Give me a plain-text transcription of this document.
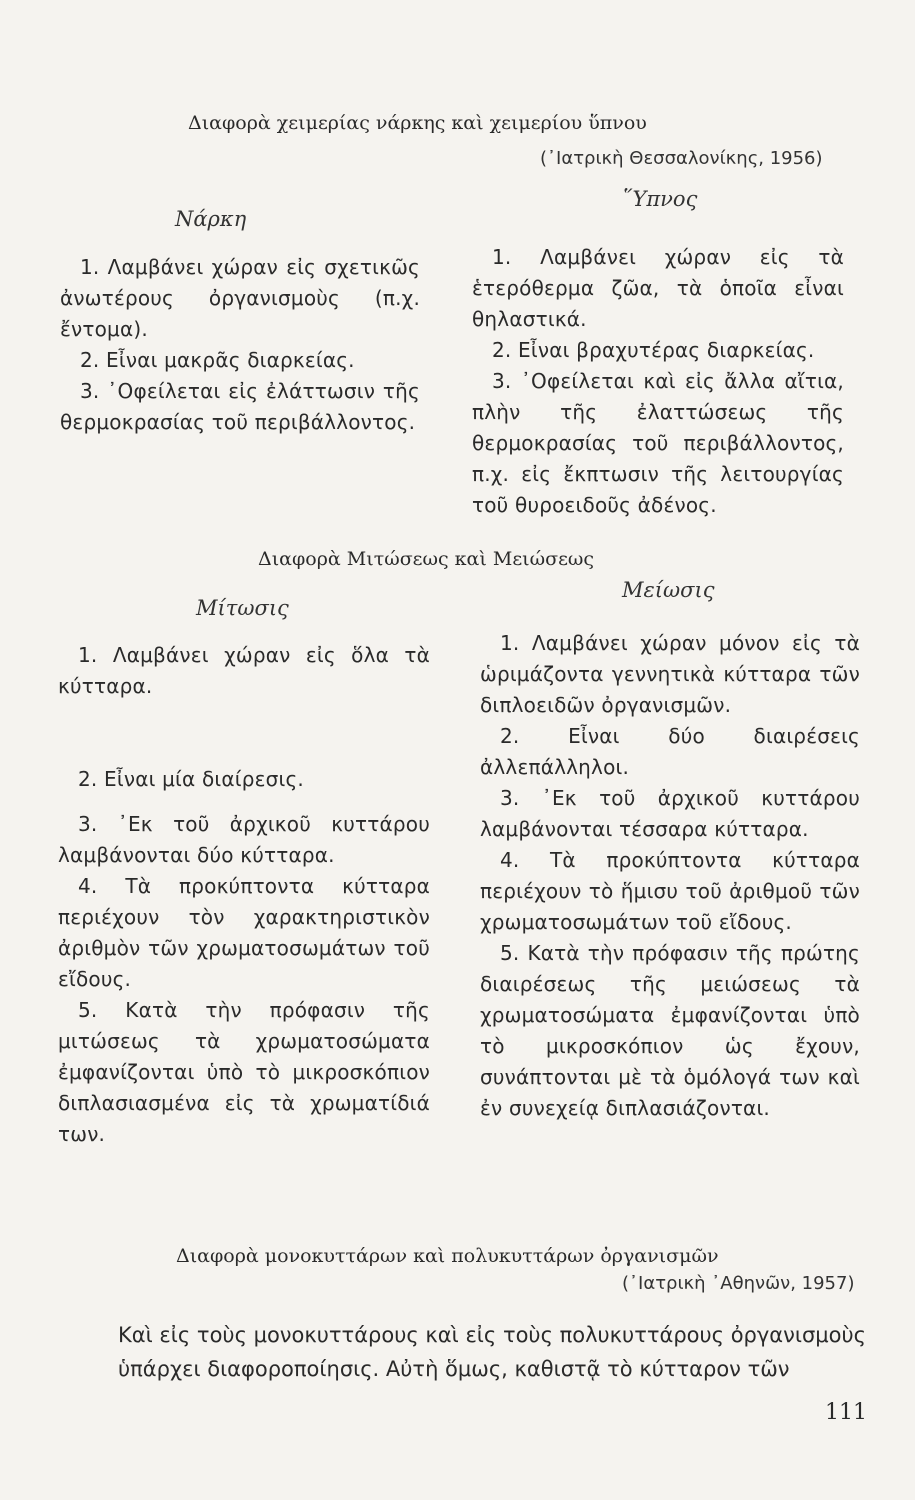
Διαφορὰ χειμερίας νάρκης καὶ χειμερίου ὕπνου
(᾿Ιατρικὴ Θεσσαλονίκης, 1956)
Νάρκη
῞Υπνος

1. Λαμβάνει χώραν εἰς σχετικῶς ἀνωτέρους ὀργανισμοὺς (π.χ. ἔντομα).

2. Εἶναι μακρᾶς διαρκείας.

3. ᾿Οφείλεται εἰς ἐλάττωσιν τῆς θερμοκρασίας τοῦ περιβάλλοντος.

1. Λαμβάνει χώραν εἰς τὰ ἑτερόθερμα ζῶα, τὰ ὁποῖα εἶναι θηλαστικά.

2. Εἶναι βραχυτέρας διαρκείας.

3. ᾿Οφείλεται καὶ εἰς ἄλλα αἴτια, πλὴν τῆς ἐλαττώσεως τῆς θερμοκρασίας τοῦ περιβάλλοντος, π.χ. εἰς ἔκπτωσιν τῆς λειτουργίας τοῦ θυροειδοῦς ἀδένος.

Διαφορὰ Μιτώσεως καὶ Μειώσεως
Μίτωσις
Μείωσις

1. Λαμβάνει χώραν εἰς ὅλα τὰ κύτταρα.

2. Εἶναι μία διαίρεσις.

3. ᾿Εκ τοῦ ἀρχικοῦ κυττάρου λαμβάνονται δύο κύτταρα.

4. Τὰ προκύπτοντα κύτταρα περιέχουν τὸν χαρακτηριστικὸν ἀριθμὸν τῶν χρωματοσωμάτων τοῦ εἴδους.

5. Κατὰ τὴν πρόφασιν τῆς μιτώσεως τὰ χρωματοσώματα ἐμφανίζονται ὑπὸ τὸ μικροσκόπιον διπλασιασμένα εἰς τὰ χρωματίδιά των.

1. Λαμβάνει χώραν μόνον εἰς τὰ ὡριμάζοντα γεννητικὰ κύτταρα τῶν διπλοειδῶν ὀργανισμῶν.

2. Εἶναι δύο διαιρέσεις ἀλλεπάλληλοι.

3. ᾿Εκ τοῦ ἀρχικοῦ κυττάρου λαμβάνονται τέσσαρα κύτταρα.

4. Τὰ προκύπτοντα κύτταρα περιέχουν τὸ ἥμισυ τοῦ ἀριθμοῦ τῶν χρωματοσωμάτων τοῦ εἴδους.

5. Κατὰ τὴν πρόφασιν τῆς πρώτης διαιρέσεως τῆς μειώσεως τὰ χρωματοσώματα ἐμφανίζονται ὑπὸ τὸ μικροσκόπιον ὡς ἔχουν, συνάπτονται μὲ τὰ ὁμόλογά των καὶ ἐν συνεχείᾳ διπλασιάζονται.

Διαφορὰ μονοκυττάρων καὶ πολυκυττάρων ὀργανισμῶν
(᾿Ιατρικὴ ᾿Αθηνῶν, 1957)
Καὶ εἰς τοὺς μονοκυττάρους καὶ εἰς τοὺς πολυκυττάρους ὀργανισμοὺς ὑπάρχει διαφοροποίησις. Αὐτὴ ὅμως, καθιστᾷ τὸ κύτταρον τῶν
111
